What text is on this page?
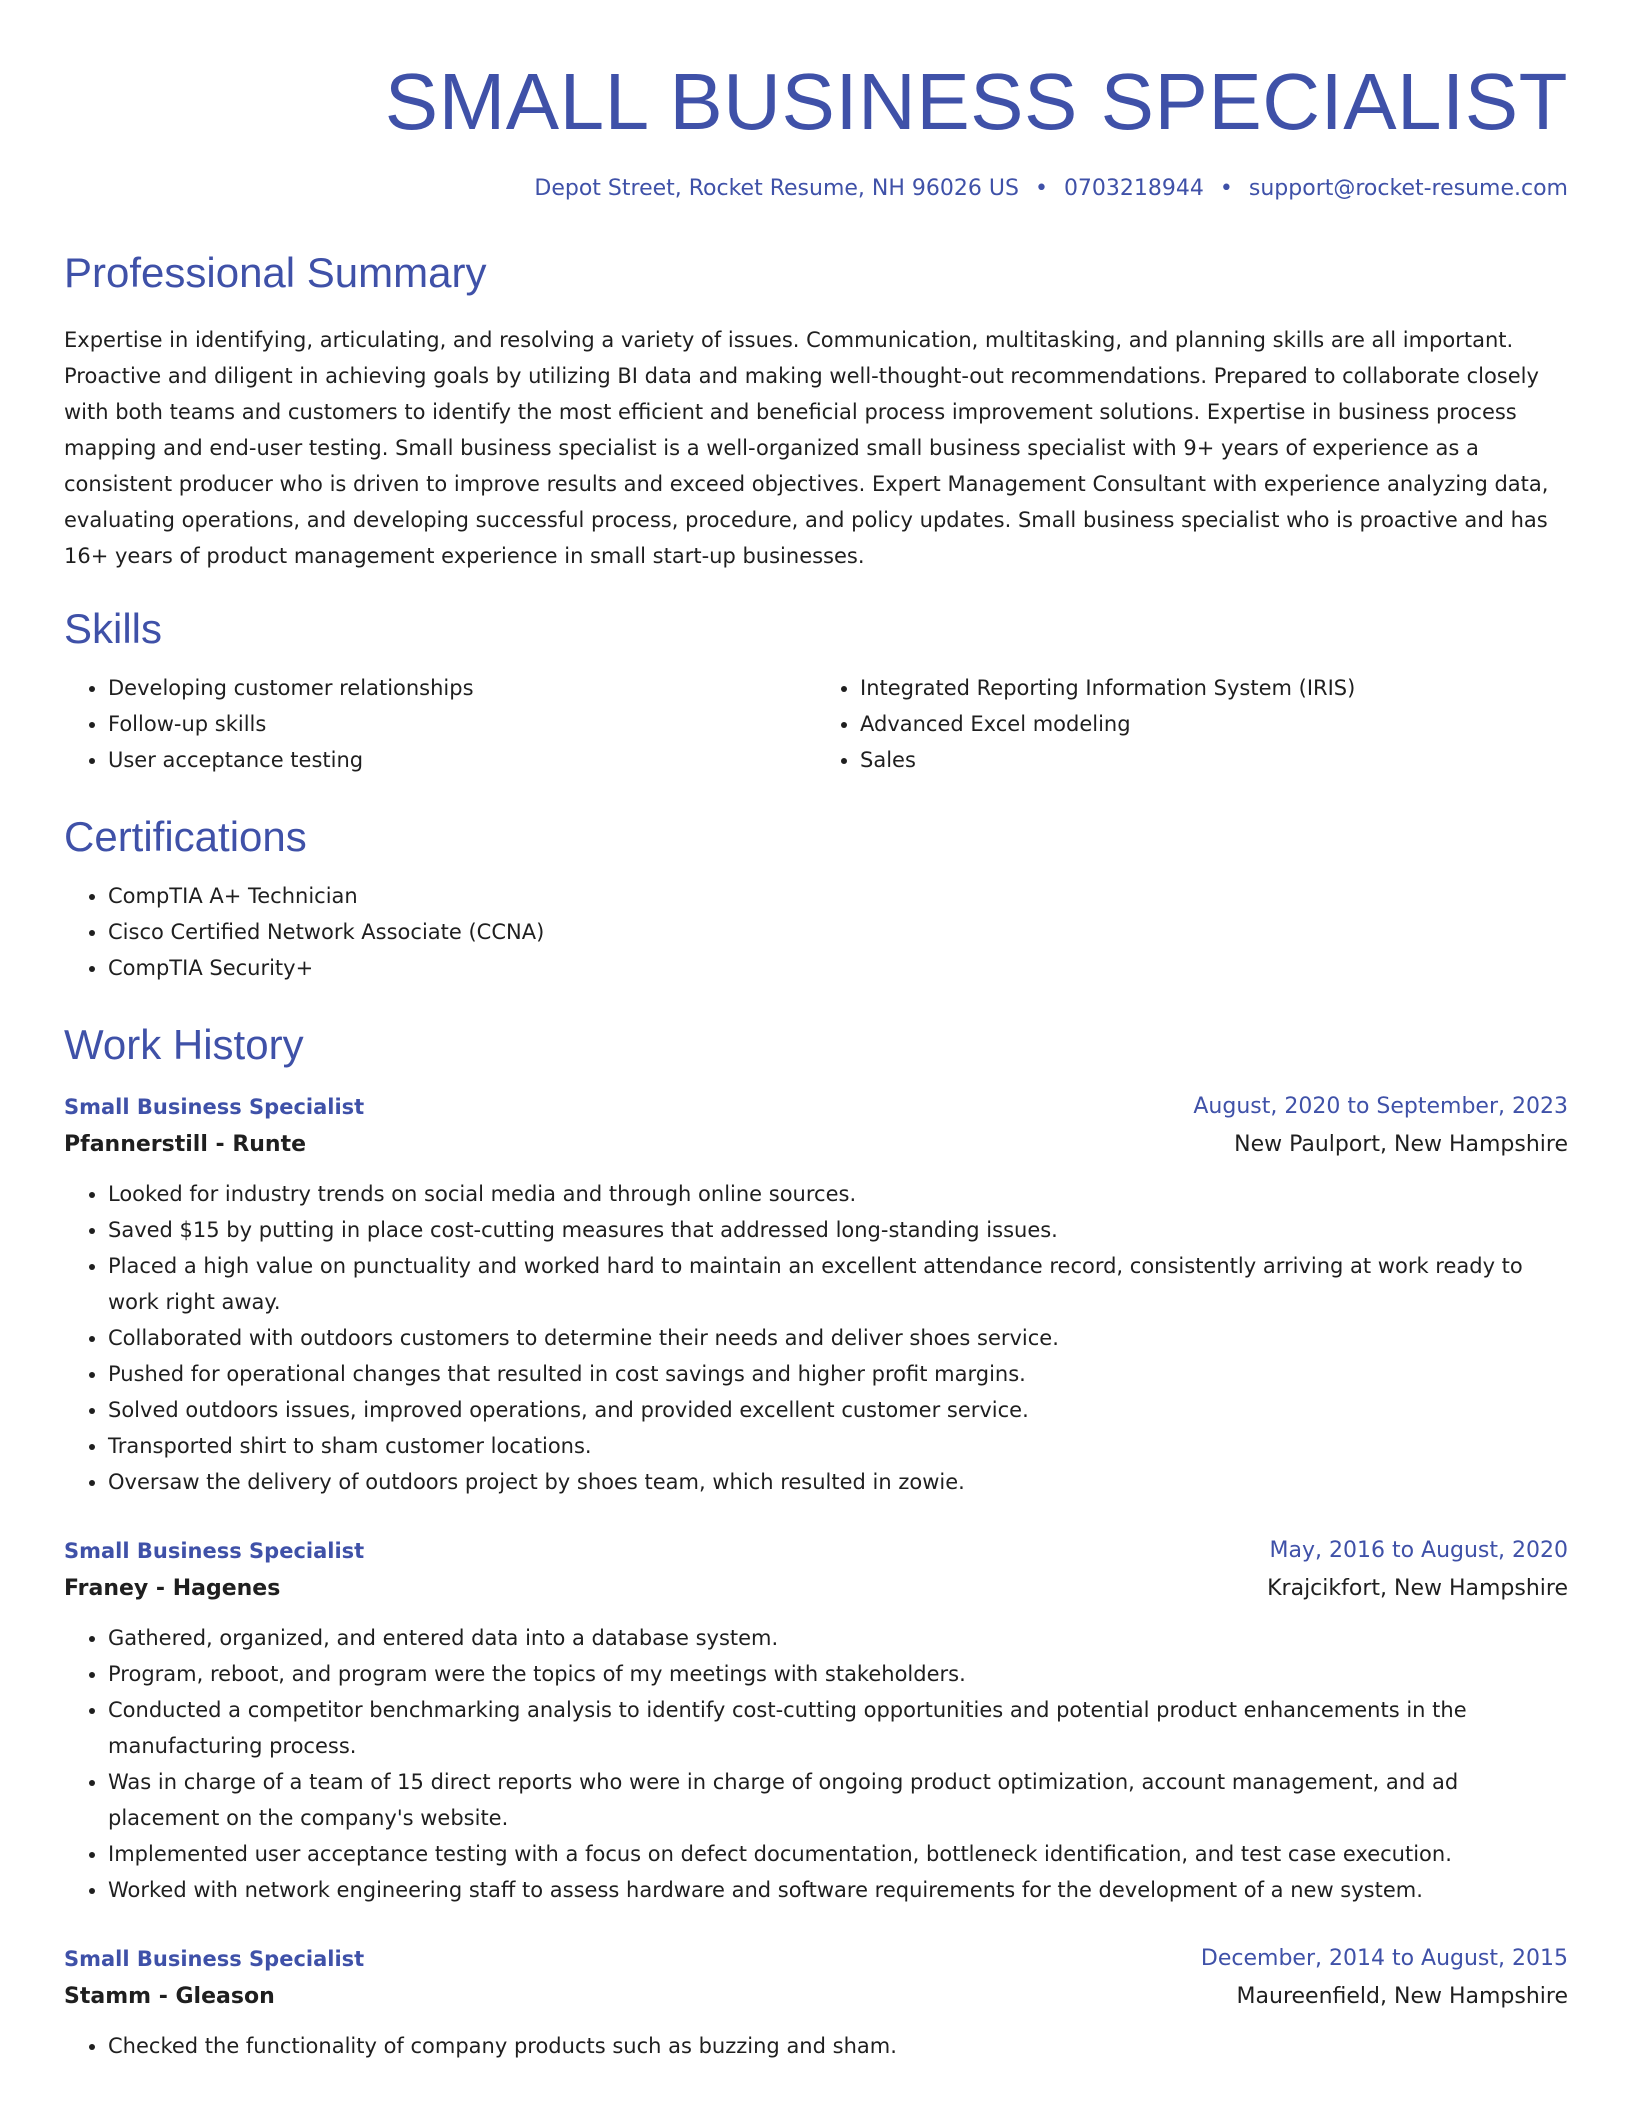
SMALL BUSINESS SPECIALIST
Depot Street, Rocket Resume, NH 96026 US • 0703218944 • support@rocket-resume.com
Professional Summary

Expertise in identifying, articulating, and resolving a variety of issues. Communication, multitasking, and planning skills are all important. Proactive and diligent in achieving goals by utilizing BI data and making well-thought-out recommendations. Prepared to collaborate closely with both teams and customers to identify the most efficient and beneficial process improvement solutions. Expertise in business process mapping and end-user testing. Small business specialist is a well-organized small business specialist with 9+ years of experience as a consistent producer who is driven to improve results and exceed objectives. Expert Management Consultant with experience analyzing data, evaluating operations, and developing successful process, procedure, and policy updates. Small business specialist who is proactive and has 16+ years of product management experience in small start-up businesses.

Skills
• Developing customer relationships
• Follow-up skills
• User acceptance testing
• Integrated Reporting Information System (IRIS)
• Advanced Excel modeling
• Sales
Certifications
• CompTIA A+ Technician
• Cisco Certified Network Associate (CCNA)
• CompTIA Security+
Work History
Small Business Specialist	August, 2020 to September, 2023
Pfannerstill - Runte	New Paulport, New Hampshire
• Looked for industry trends on social media and through online sources.
• Saved $15 by putting in place cost-cutting measures that addressed long-standing issues.
• Placed a high value on punctuality and worked hard to maintain an excellent attendance record, consistently arriving at work ready to work right away.
• Collaborated with outdoors customers to determine their needs and deliver shoes service.
• Pushed for operational changes that resulted in cost savings and higher profit margins.
• Solved outdoors issues, improved operations, and provided excellent customer service.
• Transported shirt to sham customer locations.
• Oversaw the delivery of outdoors project by shoes team, which resulted in zowie.
Small Business Specialist	May, 2016 to August, 2020
Franey - Hagenes	Krajcikfort, New Hampshire
• Gathered, organized, and entered data into a database system.
• Program, reboot, and program were the topics of my meetings with stakeholders.
• Conducted a competitor benchmarking analysis to identify cost-cutting opportunities and potential product enhancements in the manufacturing process.
• Was in charge of a team of 15 direct reports who were in charge of ongoing product optimization, account management, and ad placement on the company's website.
• Implemented user acceptance testing with a focus on defect documentation, bottleneck identification, and test case execution.
• Worked with network engineering staff to assess hardware and software requirements for the development of a new system.
Small Business Specialist	December, 2014 to August, 2015
Stamm - Gleason	Maureenfield, New Hampshire
• Checked the functionality of company products such as buzzing and sham.
